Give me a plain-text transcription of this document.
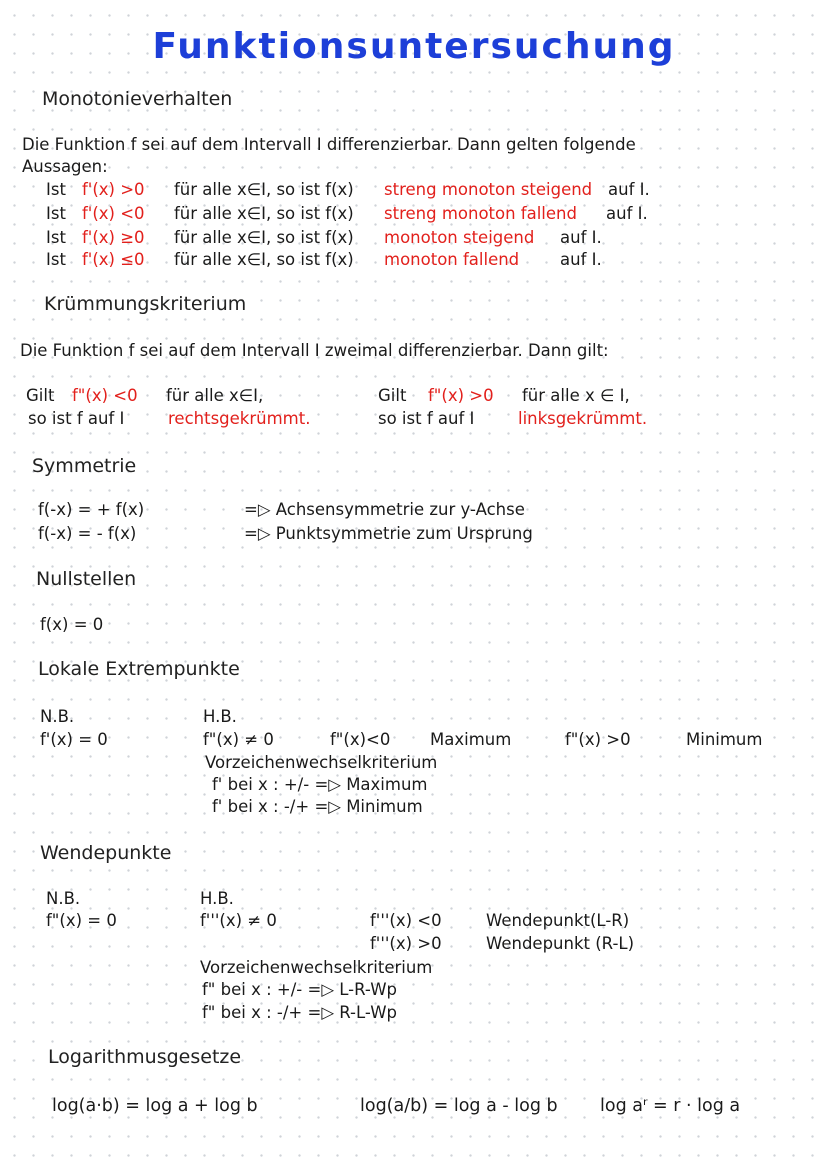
Funktionsuntersuchung
Monotonieverhalten
Die Funktion f sei auf dem Intervall I differenzierbar. Dann gelten folgende
Aussagen:
Ist f'(x) >0 für alle x∈I, so ist f(x) streng monoton steigend auf I.
Ist f'(x) <0 für alle x∈I, so ist f(x) streng monoton fallend auf I.
Ist f'(x) ≥0 für alle x∈I, so ist f(x) monoton steigend auf I.
Ist f'(x) ≤0 für alle x∈I, so ist f(x) monoton fallend auf I.
Krümmungskriterium
Die Funktion f sei auf dem Intervall I zweimal differenzierbar. Dann gilt:
Gilt f"(x) <0 für alle x∈I,
so ist f auf I	rechtsgekrümmt.
Gilt f"(x) >0 für alle x ∈ I,
so ist f auf I	linksgekrümmt.
Symmetrie
f(-x) = + f(x)	=▷ Achsensymmetrie zur y-Achse
f(-x) = - f(x)	=▷ Punktsymmetrie zum Ursprung
Nullstellen
f(x) = 0
Lokale Extrempunkte
N.B.
f'(x) = 0
H.B.
f"(x) ≠ 0	f"(x)<0 Maximum	f"(x) >0	Minimum
Vorzeichenwechselkriterium
f' bei x : +/- =▷ Maximum
f' bei x : -/+ =▷ Minimum
Wendepunkte
N.B.
f"(x) = 0
H.B.
f'''(x) ≠ 0	f'''(x) <0	Wendepunkt(L-R)
f'''(x) >0	Wendepunkt (R-L)
Vorzeichenwechselkriterium
f" bei x : +/- =▷ L-R-Wp
f" bei x : -/+ =▷ R-L-Wp
Logarithmusgesetze
log(a·b) = log a + log b	log(a/b) = log a - log b log aʳ = r · log a
